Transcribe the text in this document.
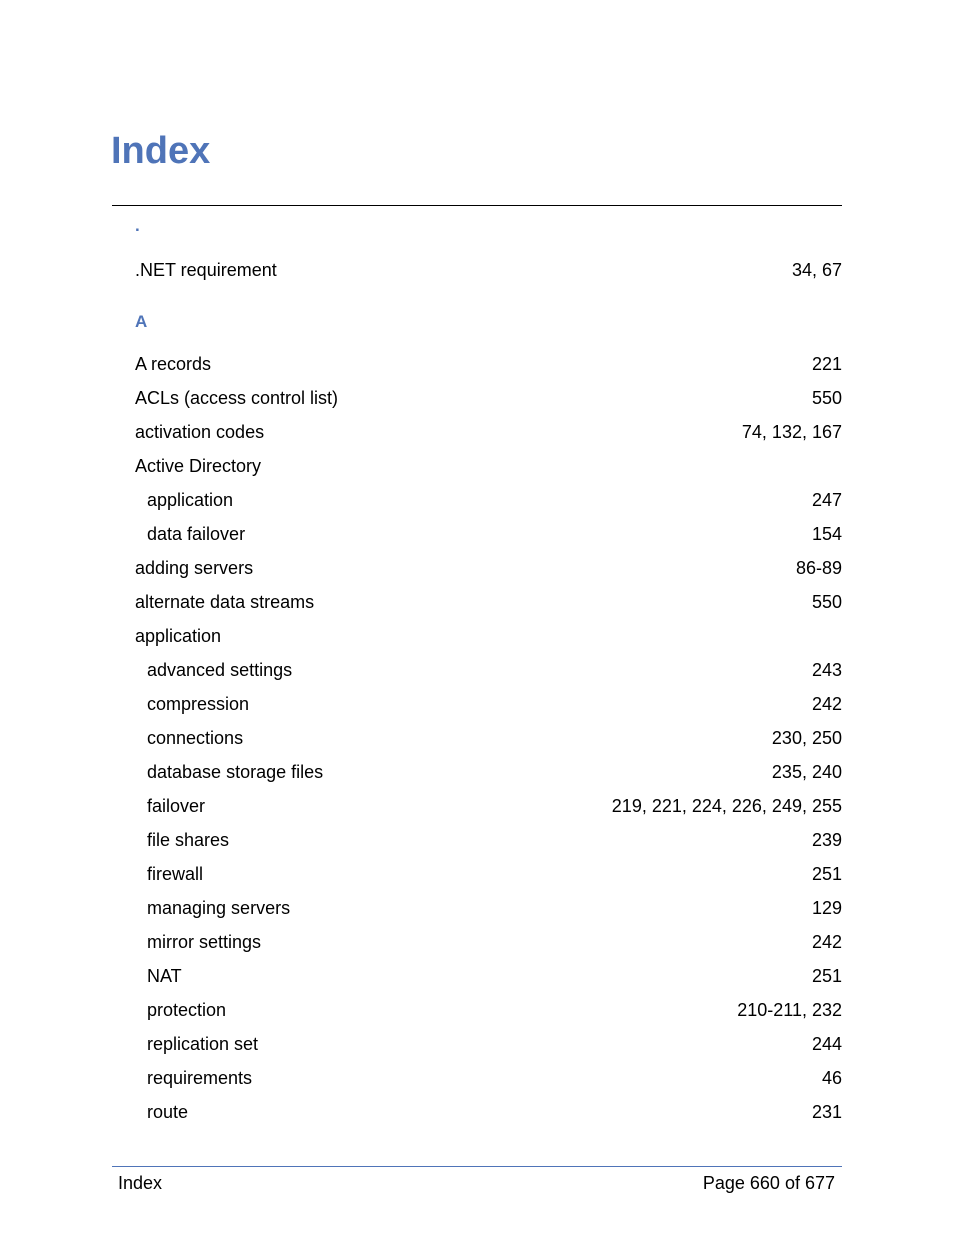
Index
.
.NET requirement	34, 67
A
A records	221
ACLs (access control list)	550
activation codes	74, 132, 167
Active Directory
application	247
data failover	154
adding servers	86-89
alternate data streams	550
application
advanced settings	243
compression	242
connections	230, 250
database storage files	235, 240
failover	219, 221, 224, 226, 249, 255
file shares	239
firewall	251
managing servers	129
mirror settings	242
NAT	251
protection	210-211, 232
replication set	244
requirements	46
route	231
Index	Page 660 of 677
